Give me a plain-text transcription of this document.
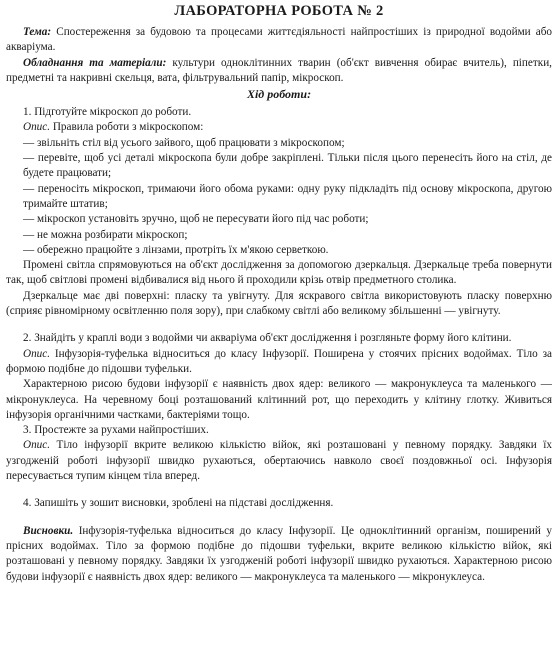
ЛАБОРАТОРНА РОБОТА № 2

Тема: Спостереження за будовою та процесами життєдіяльності найпростіших із природної водойми або акваріума.

Обладнання та матеріали: культури одноклітинних тварин (об'єкт вивчення обирає вчитель), піпетки, предметні та накривні скельця, вата, фільтрувальний папір, мікроскоп.

Хід роботи:

1. Підготуйте мікроскоп до роботи.

Опис. Правила роботи з мікроскопом:

— звільніть стіл від усього зайвого, щоб працювати з мікроскопом;

— перевіте, щоб усі деталі мікроскопа були добре закріплені. Тільки після цього перенесіть його на стіл, де будете працювати;

— переносіть мікроскоп, тримаючи його обома руками: одну руку підкладіть під основу мікроскопа, другою тримайте штатив;

— мікроскоп установіть зручно, щоб не пересувати його під час роботи;

— не можна розбирати мікроскоп;

— обережно працюйте з лінзами, протріть їх м'якою серветкою.

Промені світла спрямовуються на об'єкт дослідження за допомогою дзеркальця. Дзеркальце треба повернути так, щоб світлові промені відбивалися від нього й проходили крізь отвір предметного столика.

Дзеркальце має дві поверхні: пласку та увігнуту. Для яскравого світла використовують пласку поверхню (сприяє рівномірному освітленню поля зору), при слабкому світлі або великому збільшенні — увігнуту.

2. Знайдіть у краплі води з водойми чи акваріума об'єкт дослідження і розгляньте форму його клітини.

Опис. Інфузорія-туфелька відноситься до класу Інфузорії. Поширена у стоячих прісних водоймах. Тіло за формою подібне до підошви туфельки.

Характерною рисою будови інфузорії є наявність двох ядер: великого — макронуклеуса та маленького — мікронуклеуса. На черевному боці розташований клітинний рот, що переходить у клітину глотку. Живиться інфузорія органічними частками, бактеріями тощо.

3. Простежте за рухами найпростіших.

Опис. Тіло інфузорії вкрите великою кількістю війок, які розташовані у певному порядку. Завдяки їх узгодженій роботі інфузорії швидко рухаються, обертаючись навколо своєї поздовжньої осі. Інфузорія пересувається тупим кінцем тіла вперед.

4. Запишіть у зошит висновки, зроблені на підставі дослідження.

Висновки. Інфузорія-туфелька відноситься до класу Інфузорії. Це одноклітинний організм, поширений у прісних водоймах. Тіло за формою подібне до підошви туфельки, вкрите великою кількістю війок, які розташовані у певному порядку. Завдяки їх узгодженій роботі інфузорії швидко рухаються. Характерною рисою будови інфузорії є наявність двох ядер: великого — макронуклеуса та маленького — мікронуклеуса.
